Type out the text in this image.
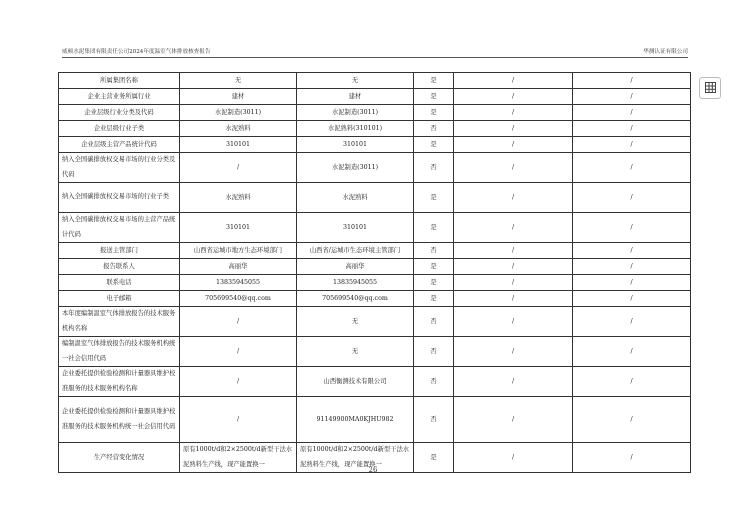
威顿水泥集团有限责任公司2024年度温室气体排放核查报告	华测认证有限公司
所属集团名称	无	无	是	/	/
企业主营业务所属行业	建材	建材	是	/	/
企业层级行业分类及代码	水泥制造(3011)	水泥制造(3011)	是	/	/
企业层级行业子类	水泥熟料	水泥熟料(310101)	否	/	/
企业层级主营产品统计代码	310101	310101	是	/	/
纳入全国碳排放权交易市场的行业分类及代码	/	水泥制造(3011)	否	/	/
纳入全国碳排放权交易市场的行业子类	水泥熟料	水泥熟料	是	/	/
纳入全国碳排放权交易市场的主营产品统计代码	310101	310101	是	/	/
报送主管部门	山西省运城市地方生态环境部门	山西省/运城市生态环境主管部门	否	/	/
报告联系人	高丽华	高丽华	是	/	/
联系电话	13835945055	13835945055	是	/	/
电子邮箱	705699540@qq.com	705699540@qq.com	是	/	/
本年度编制温室气体排放报告的技术服务机构名称	/	无	否	/	/
编制温室气体排放报告的技术服务机构统一社会信用代码	/	无	否	/	/
企业委托提供检验检测和计量器具维护校准服务的技术服务机构名称	/	山西衡测技术有限公司	否	/	/
企业委托提供检验检测和计量器具维护校准服务的技术服务机构统一社会信用代码	/	91149900MA0KJHU982	否	/	/
生产经营变化情况	原有1000t/d和2×2500t/d新型干法水泥熟料生产线，现产能置换一	原有1000t/d和2×2500t/d新型干法水泥熟料生产线，现产能置换一	是	/	/
26
